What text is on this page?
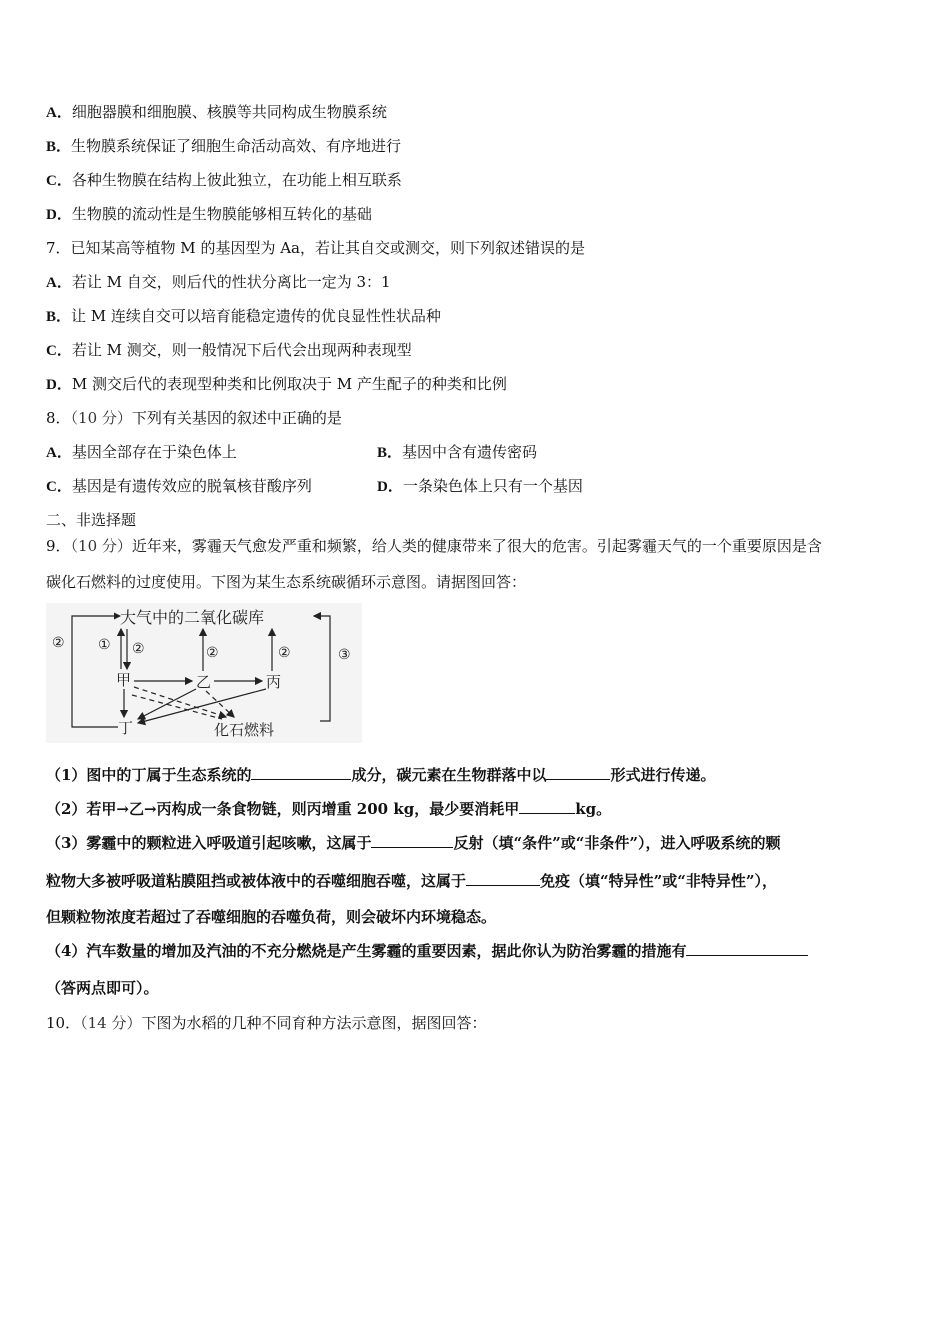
A．细胞器膜和细胞膜、核膜等共同构成生物膜系统
B．生物膜系统保证了细胞生命活动高效、有序地进行
C．各种生物膜在结构上彼此独立，在功能上相互联系
D．生物膜的流动性是生物膜能够相互转化的基础
7．已知某高等植物 M 的基因型为 Aa，若让其自交或测交，则下列叙述错误的是
A．若让 M 自交，则后代的性状分离比一定为 3：1
B．让 M 连续自交可以培育能稳定遗传的优良显性性状品种
C．若让 M 测交，则一般情况下后代会出现两种表现型
D．M 测交后代的表现型种类和比例取决于 M 产生配子的种类和比例
8．（10 分）下列有关基因的叙述中正确的是
A．基因全部存在于染色体上	B．基因中含有遗传密码
C．基因是有遗传效应的脱氧核苷酸序列	D．一条染色体上只有一个基因
二、非选择题
9．（10 分）近年来，雾霾天气愈发严重和频繁，给人类的健康带来了很大的危害。引起雾霾天气的一个重要原因是含
碳化石燃料的过度使用。下图为某生态系统碳循环示意图。请据图回答：
大气中的二氧化碳库
②
③
① ②	②	②
甲	乙	丙
丁	化石燃料
（1）图中的丁属于生态系统的	成分，碳元素在生物群落中以	形式进行传递。
（2）若甲→乙→丙构成一条食物链，则丙增重 200 kg，最少要消耗甲	kg。
（3）雾霾中的颗粒进入呼吸道引起咳嗽，这属于	反射（填“条件”或“非条件”），进入呼吸系统的颗
粒物大多被呼吸道粘膜阻挡或被体液中的吞噬细胞吞噬，这属于	免疫（填“特异性”或“非特异性”），
但颗粒物浓度若超过了吞噬细胞的吞噬负荷，则会破坏内环境稳态。
（4）汽车数量的增加及汽油的不充分燃烧是产生雾霾的重要因素，据此你认为防治雾霾的措施有
（答两点即可）。
10．（14 分）下图为水稻的几种不同育种方法示意图，据图回答：
